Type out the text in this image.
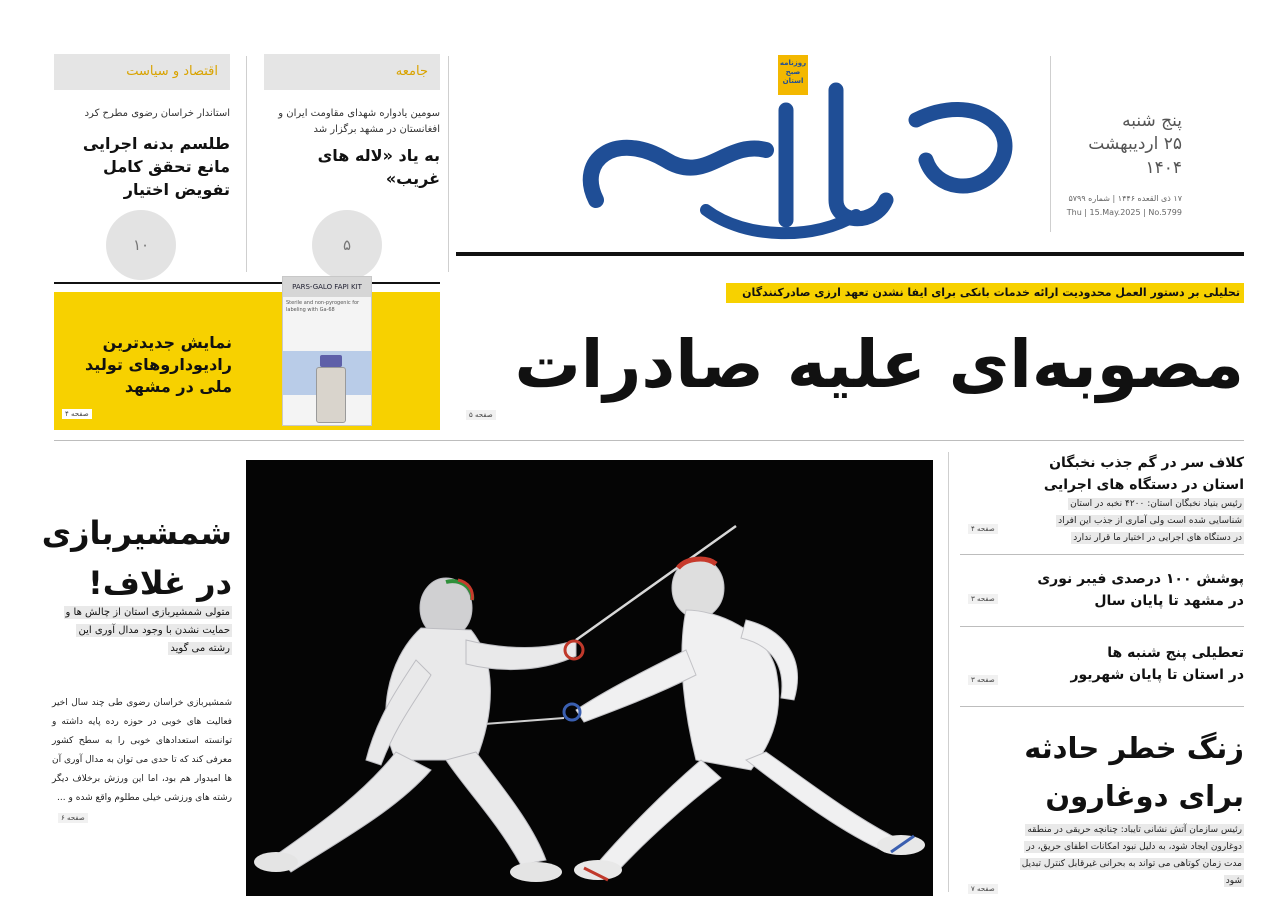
پنج شنبه
۲۵ اردیبهشت
۱۴۰۴
۱۷ ذی القعده ۱۴۴۶ | شماره ۵۷۹۹
Thu | 15.May.2025 | No.5799
روزنامه صبح استان
اقتصاد و سیاست
استاندار خراسان رضوی مطرح کرد
طلسم بدنه اجرایی مانع تحقق کامل تفویض اختیار
۱۰
جامعه
سومین یادواره شهدای مقاومت ایران و افغانستان در مشهد برگزار شد
به یاد «لاله های غریب»
۵
نمایش جدیدترین رادیوداروهای تولید ملی در مشهد
صفحه ۴
PARS-GALO FAPI KIT
Sterile and non-pyrogenic for labeling with Ga-68
تحلیلی بر دستور العمل محدودیت ارائه خدمات بانکی برای ایفا نشدن تعهد ارزی صادرکنندگان
مصوبه‌ای علیه صادرات
صفحه ۵
شمشیربازی در غلاف!
متولی شمشیربازی استان از چالش ها و حمایت نشدن با وجود مدال آوری این رشته می گوید
شمشیربازی خراسان رضوی طی چند سال اخیر فعالیت های خوبی در حوزه رده پایه داشته و توانسته استعدادهای خوبی را به سطح کشور معرفی کند که تا حدی می توان به مدال آوری آن ها امیدوار هم بود، اما این ورزش برخلاف دیگر رشته های ورزشی خیلی مطلوم واقع شده و ...
صفحه ۶
کلاف سر در گم جذب نخبگان
استان در دستگاه های اجرایی
رئیس بنیاد نخبگان استان: ۴۲۰۰ نخبه در استان شناسایی شده است ولی آماری از جذب این افراد در دستگاه های اجرایی در اختیار ما قرار ندارد
صفحه ۴
پوشش ۱۰۰ درصدی فیبر نوری
در مشهد تا پایان سال
صفحه ۳
تعطیلی پنج شنبه ها
در استان تا پایان شهریور
صفحه ۳
زنگ خطر حادثه برای دوغارون
رئیس سازمان آتش نشانی تایباد: چنانچه حریقی در منطقه دوغارون ایجاد شود، به دلیل نبود امکانات اطفای حریق، در مدت زمان کوتاهی می تواند به بحرانی غیرقابل کنترل تبدیل شود
صفحه ۷
